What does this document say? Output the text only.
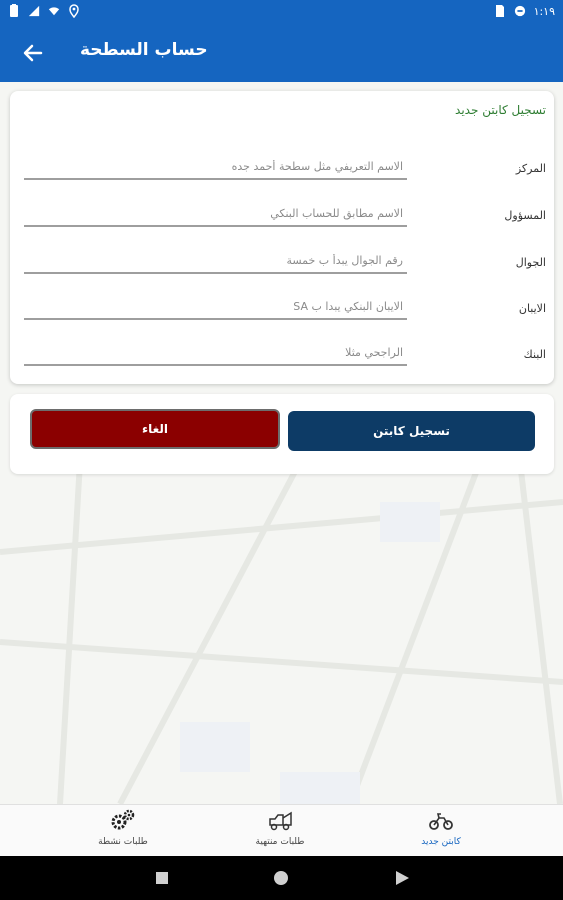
١:١٩
حساب السطحة
تسجيل كابتن جديد
المركز
الاسم التعريفي مثل سطحة أحمد جده
المسؤول
الاسم مطابق للحساب البنكي
الجوال
رقم الجوال يبدأ ب خمسة
الايبان
الايبان البنكي يبدا ب SA
البنك
الراجحي مثلا
الغاء	تسجيل كابتن
طلبات نشطة	طلبات منتهية	كابتن جديد
